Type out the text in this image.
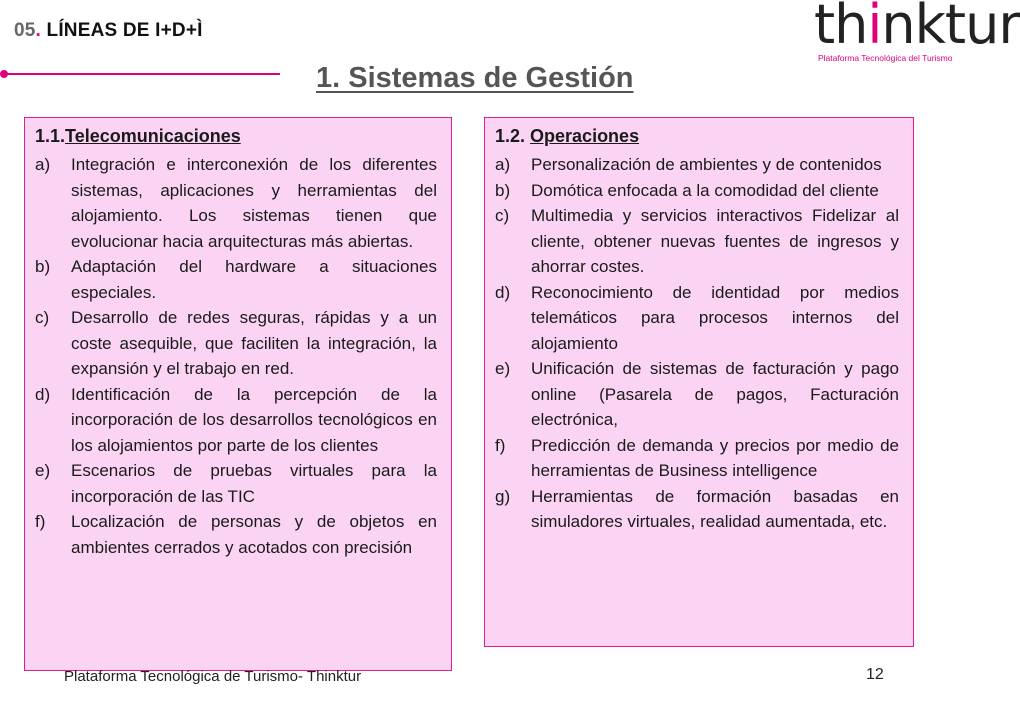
05. LÍNEAS DE I+D+Ì	thinktur
Plataforma Tecnológica del Turismo
1. Sistemas de Gestión
1.1.Telecomunicaciones
a)	Integración e interconexión de los diferentes sistemas, aplicaciones y herramientas del alojamiento. Los sistemas tienen que evolucionar hacia arquitecturas más abiertas.
b)	Adaptación del hardware a situaciones especiales.
c)	Desarrollo de redes seguras, rápidas y a un coste asequible, que faciliten la integración, la expansión y el trabajo en red.
d)	Identificación de la percepción de la incorporación de los desarrollos tecnológicos en los alojamientos por parte de los clientes
e)	Escenarios de pruebas virtuales para la incorporación de las TIC
f)	Localización de personas y de objetos en ambientes cerrados y acotados con precisión
1.2. Operaciones
a)	Personalización de ambientes y de contenidos
b)	Domótica enfocada a la comodidad del cliente
c)	Multimedia y servicios interactivos Fidelizar al cliente, obtener nuevas fuentes de ingresos y ahorrar costes.
d)	Reconocimiento de identidad por medios telemáticos para procesos internos del alojamiento
e)	Unificación de sistemas de facturación y pago online (Pasarela de pagos, Facturación electrónica,
f)	Predicción de demanda y precios por medio de herramientas de Business intelligence
g)	Herramientas de formación basadas en simuladores virtuales, realidad aumentada, etc.
Plataforma Tecnológica de Turismo- Thinktur	12
